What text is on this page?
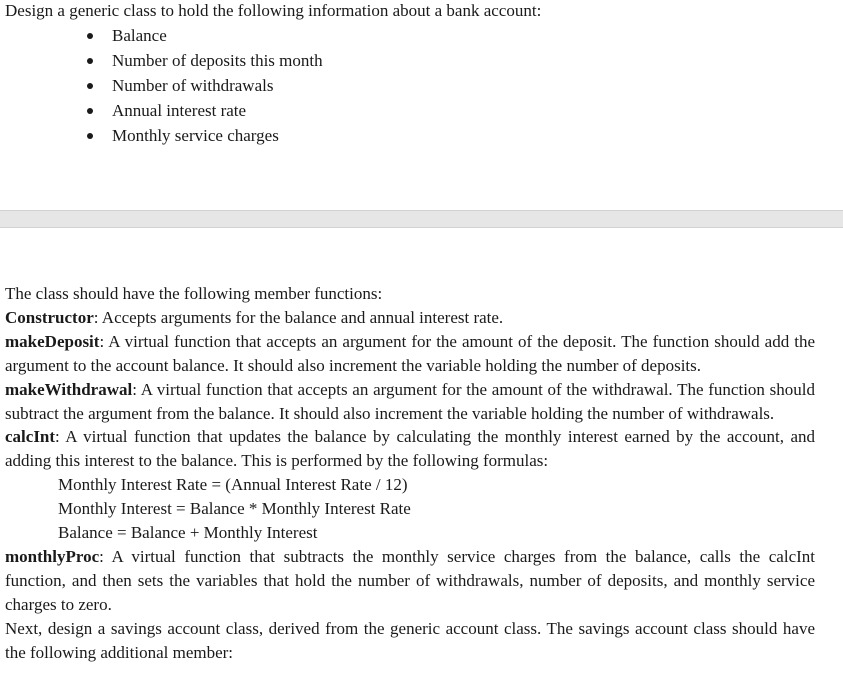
Design a generic class to hold the following information about a bank account:
Balance
Number of deposits this month
Number of withdrawals
Annual interest rate
Monthly service charges

The class should have the following member functions:

Constructor: Accepts arguments for the balance and annual interest rate.

makeDeposit: A virtual function that accepts an argument for the amount of the deposit. The function should add the argument to the account balance. It should also increment the variable holding the number of deposits.

makeWithdrawal: A virtual function that accepts an argument for the amount of the withdrawal. The function should subtract the argument from the balance. It should also increment the variable holding the number of withdrawals.

calcInt: A virtual function that updates the balance by calculating the monthly interest earned by the account, and adding this interest to the balance. This is performed by the following formulas:

Monthly Interest Rate = (Annual Interest Rate / 12)

Monthly Interest = Balance * Monthly Interest Rate

Balance = Balance + Monthly Interest

monthlyProc: A virtual function that subtracts the monthly service charges from the balance, calls the calcInt function, and then sets the variables that hold the number of withdrawals, number of deposits, and monthly service charges to zero.

Next, design a savings account class, derived from the generic account class. The savings account class should have the following additional member:
